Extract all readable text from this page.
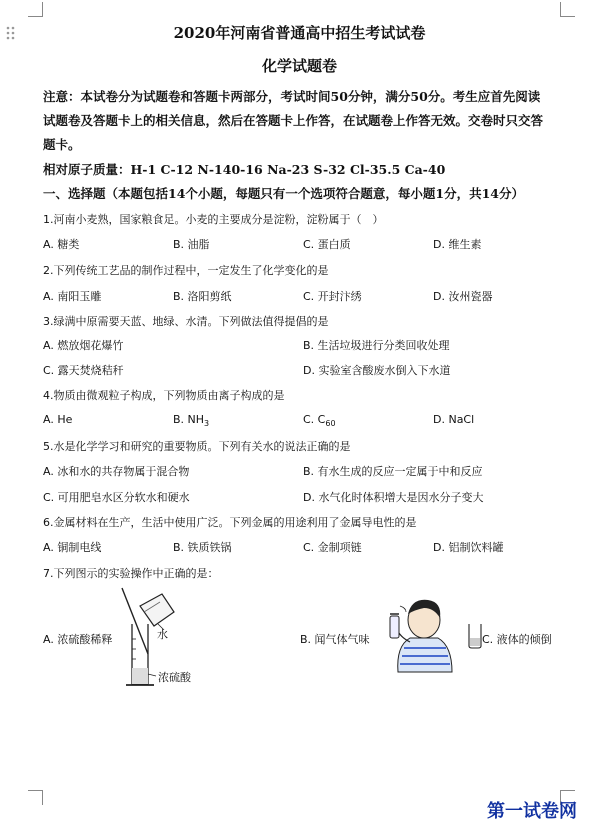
2020年河南省普通高中招生考试试卷
化学试题卷
注意：本试卷分为试题卷和答题卡两部分，考试时间50分钟，满分50分。考生应首先阅读
试题卷及答题卡上的相关信息，然后在答题卡上作答，在试题卷上作答无效。交卷时只交答
题卡。
相对原子质量：H-1 C-12 N-140-16 Na-23 S-32 Cl-35.5 Ca-40
一、选择题（本题包括14个小题，每题只有一个选项符合题意，每小题1分，共14分）
1.河南小麦熟，国家粮食足。小麦的主要成分是淀粉，淀粉属于（　）
A. 糖类	B. 油脂	C. 蛋白质	D. 维生素
2.下列传统工艺品的制作过程中，一定发生了化学变化的是
A. 南阳玉雕	B. 洛阳剪纸	C. 开封汴绣	D. 汝州瓷器
3.绿满中原需要天蓝、地绿、水清。下列做法值得提倡的是
A. 燃放烟花爆竹	B. 生活垃圾进行分类回收处理
C. 露天焚烧秸秆	D. 实验室含酸废水倒入下水道
4.物质由微观粒子构成，下列物质由离子构成的是
A. He	B. $NH_3$	C. $C_{60}$	D. NaCl
5.水是化学学习和研究的重要物质。下列有关水的说法正确的是
A. 冰和水的共存物属于混合物	B. 有水生成的反应一定属于中和反应
C. 可用肥皂水区分软水和硬水	D. 水气化时体积增大是因水分子变大
6.金属材料在生产，生活中使用广泛。下列金属的用途利用了金属导电性的是
A. 铜制电线	B. 铁质铁锅	C. 金制项链	D. 铝制饮料罐
7.下列图示的实验操作中正确的是：
水
浓硫酸
A. 浓硫酸稀释	B. 闻气体气味	C. 液体的倾倒
第一试卷网
